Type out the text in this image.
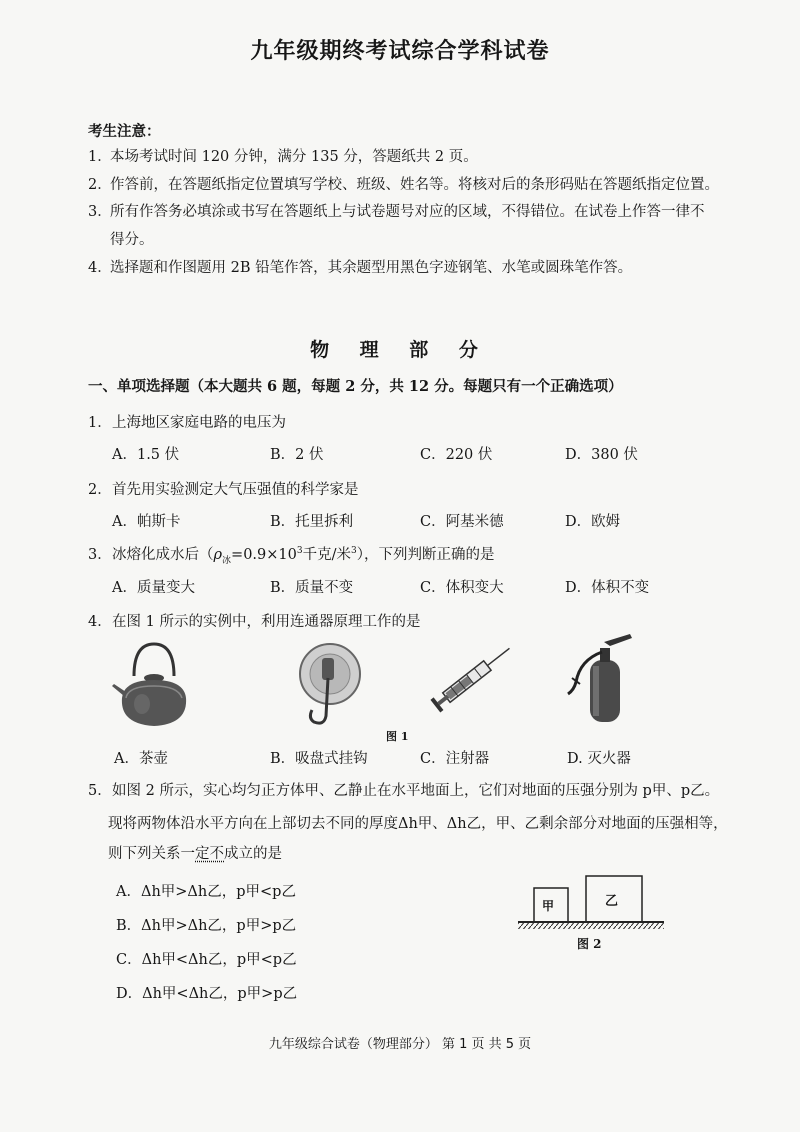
九年级期终考试综合学科试卷
考生注意：
1．本场考试时间 120 分钟，满分 135 分，答题纸共 2 页。
2．作答前，在答题纸指定位置填写学校、班级、姓名等。将核对后的条形码贴在答题纸指定位置。
3．所有作答务必填涂或书写在答题纸上与试卷题号对应的区域，不得错位。在试卷上作答一律不
得分。
4．选择题和作图题用 2B 铅笔作答，其余题型用黑色字迹钢笔、水笔或圆珠笔作答。
物 理 部 分
一、单项选择题（本大题共 6 题，每题 2 分，共 12 分。每题只有一个正确选项）
1．上海地区家庭电路的电压为
A．1.5 伏	B．2 伏	C．220 伏	D．380 伏
2．首先用实验测定大气压强值的科学家是
A．帕斯卡	B．托里拆利	C．阿基米德	D．欧姆
3．冰熔化成水后（$\rho_冰=0.9\times 10^3$千克/米$^3$），下列判断正确的是
A．质量变大	B．质量不变	C．体积变大	D．体积不变
4．在图 1 所示的实例中，利用连通器原理工作的是
图 1
A．茶壶	B．吸盘式挂钩	C．注射器	D. 灭火器
5．如图 2 所示，实心均匀正方体甲、乙静止在水平地面上，它们对地面的压强分别为 p甲、p乙。
现将两物体沿水平方向在上部切去不同的厚度Δh甲、Δh乙，甲、乙剩余部分对地面的压强相等，
则下列关系一定不成立的是
A．Δh甲>Δh乙，p甲<p乙
B．Δh甲>Δh乙，p甲>p乙
C．Δh甲<Δh乙，p甲<p乙
D．Δh甲<Δh乙，p甲>p乙
甲	乙
图 2
九年级综合试卷（物理部分） 第 1 页 共 5 页
